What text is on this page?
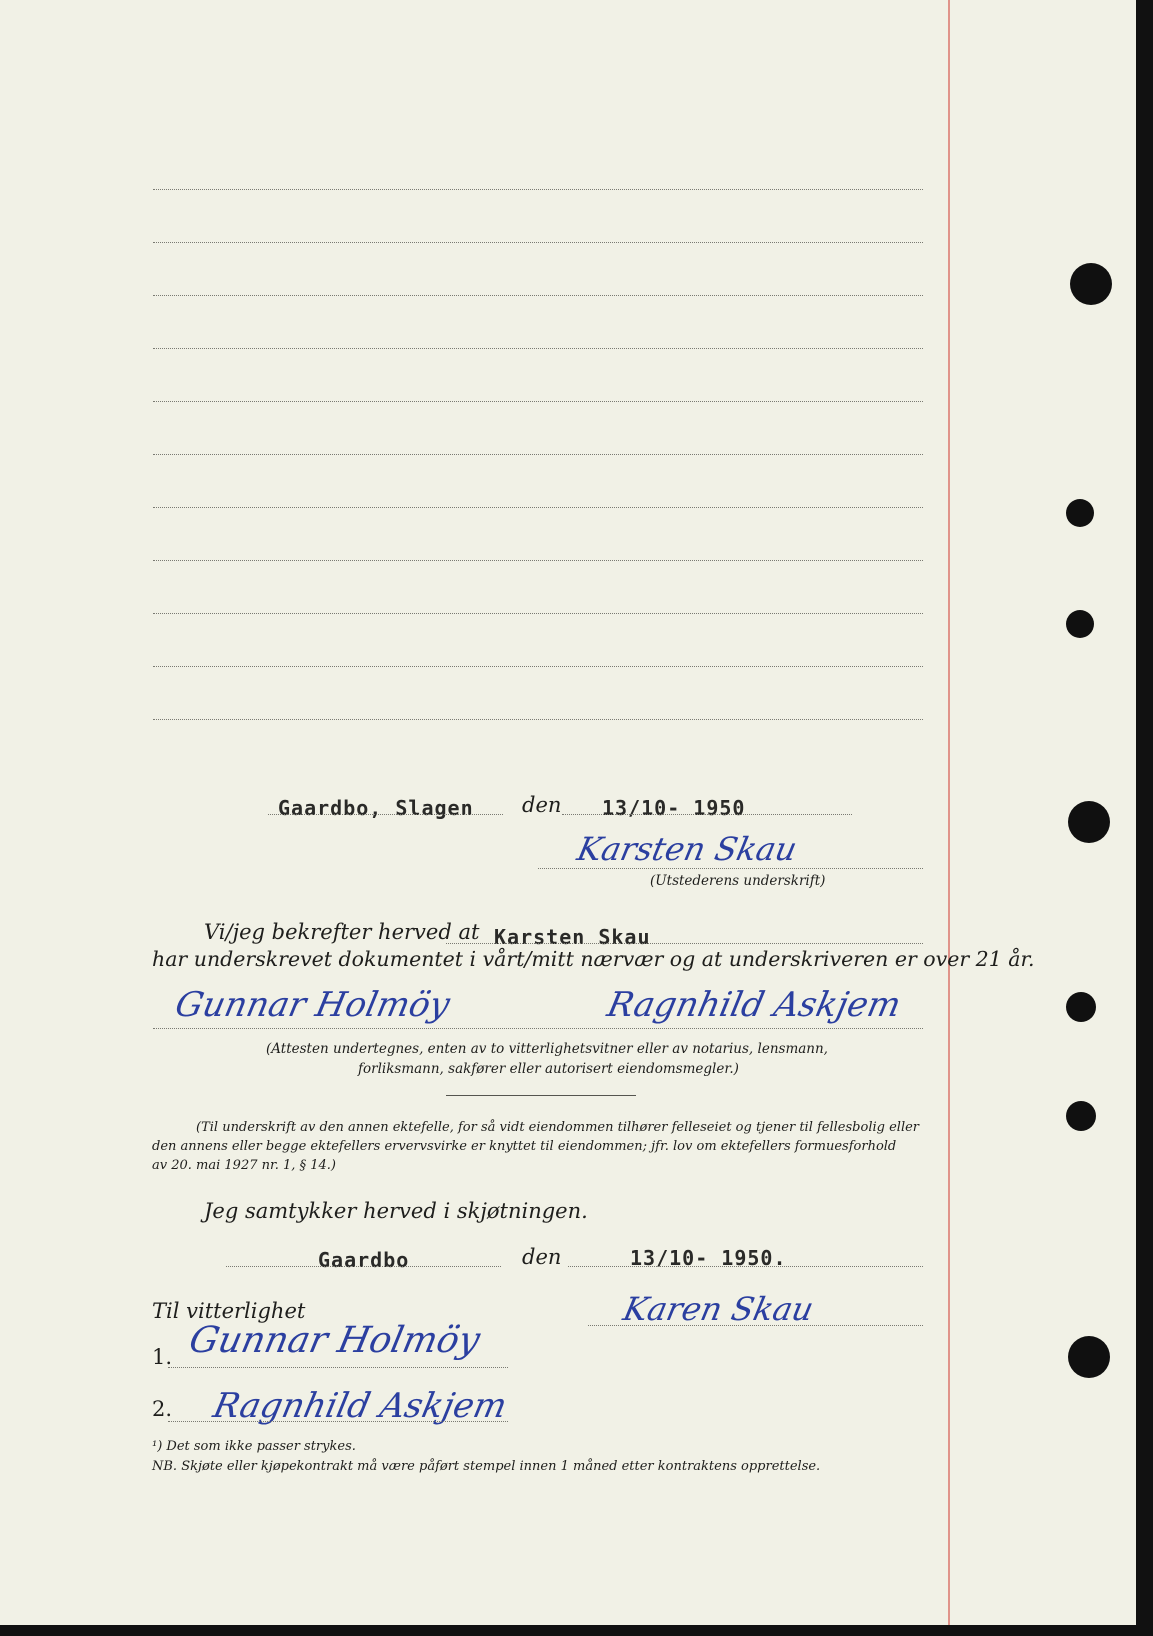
Gaardbo, Slagen den 13/10- 1950
Karsten Skau
(Utstederens underskrift)
Vi/jeg bekrefter herved at Karsten Skau
har underskrevet dokumentet i vårt/mitt nærvær og at underskriveren er over 21 år.
Gunnar Holmöy	Ragnhild Askjem
(Attesten undertegnes, enten av to vitterlighetsvitner eller av notarius, lensmann,
forliksmann, sakfører eller autorisert eiendomsmegler.)
(Til underskrift av den annen ektefelle, for så vidt eiendommen tilhører felleseiet og tjener til fellesbolig eller
den annens eller begge ektefellers ervervsvirke er knyttet til eiendommen; jfr. lov om ektefellers formuesforhold
av 20. mai 1927 nr. 1, § 14.)
Jeg samtykker herved i skjøtningen.
Gaardbo	den	13/10- 1950.
Karen Skau
Til vitterlighet
1. Gunnar Holmöy
2. Ragnhild Askjem
¹) Det som ikke passer strykes.
NB. Skjøte eller kjøpekontrakt må være påført stempel innen 1 måned etter kontraktens opprettelse.
